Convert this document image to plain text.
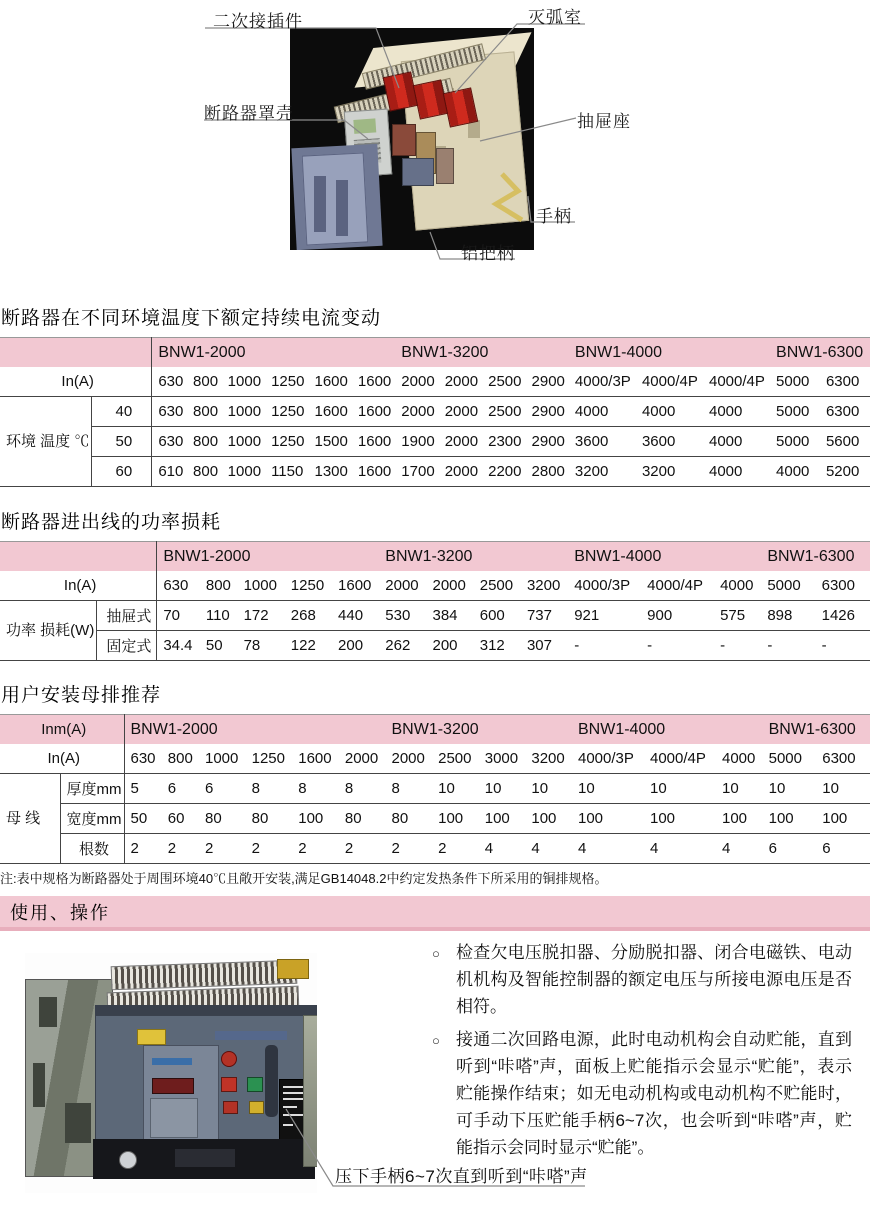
二次接插件	灭弧室
断路器罩壳	抽屉座
手柄
铝把柄
断路器在不同环境温度下额定持续电流变动
		BNW1-2000						BNW1-3200				BNW1-4000			BNW1-6300	
In(A)		630	800	1000	1250	1600	1600	2000	2000	2500	2900	4000/3P	4000/4P	4000/4P	5000	6300
环境 温度 ℃	40	630	800	1000	1250	1600	1600	2000	2000	2500	2900	4000	4000	4000	5000	6300
	50	630	800	1000	1250	1500	1600	1900	2000	2300	2900	3600	3600	4000	5000	5600
	60	610	800	1000	1150	1300	1600	1700	2000	2200	2800	3200	3200	4000	4000	5200
断路器进出线的功率损耗
		BNW1-2000					BNW1-3200				BNW1-4000			BNW1-6300	
In(A)		630	800	1000	1250	1600	2000	2000	2500	3200	4000/3P	4000/4P	4000	5000	6300
功率 损耗(W)	抽屉式	70	110	172	268	440	530	384	600	737	921	900	575	898	1426
	固定式	34.4	50	78	122	200	262	200	312	307	-	-	-	-	-
用户安装母排推荐
Inm(A)		BNW1-2000						BNW1-3200				BNW1-4000			BNW1-6300	
In(A)		630	800	1000	1250	1600	2000	2000	2500	3000	3200	4000/3P	4000/4P	4000	5000	6300
母 线	厚度mm	5	6	6	8	8	8	8	10	10	10	10	10	10	10	10
	宽度mm	50	60	80	80	100	80	80	100	100	100	100	100	100	100	100
	根数	2	2	2	2	2	2	2	2	4	4	4	4	4	6	6
注:表中规格为断路器处于周围环境40℃且敞开安装,满足GB14048.2中约定发热条件下所采用的铜排规格。
使用、操作
○ 检查欠电压脱扣器、分励脱扣器、闭合电磁铁、电动机机构及智能控制器的额定电压与所接电源电压是否相符。
○ 接通二次回路电源，此时电动机构会自动贮能，直到听到“咔嗒”声，面板上贮能指示会显示“贮能”，表示贮能操作结束；如无电动机构或电动机构不贮能时，可手动下压贮能手柄6~7次，也会听到“咔嗒”声，贮能指示会同时显示“贮能”。
压下手柄6~7次直到听到“咔嗒”声
